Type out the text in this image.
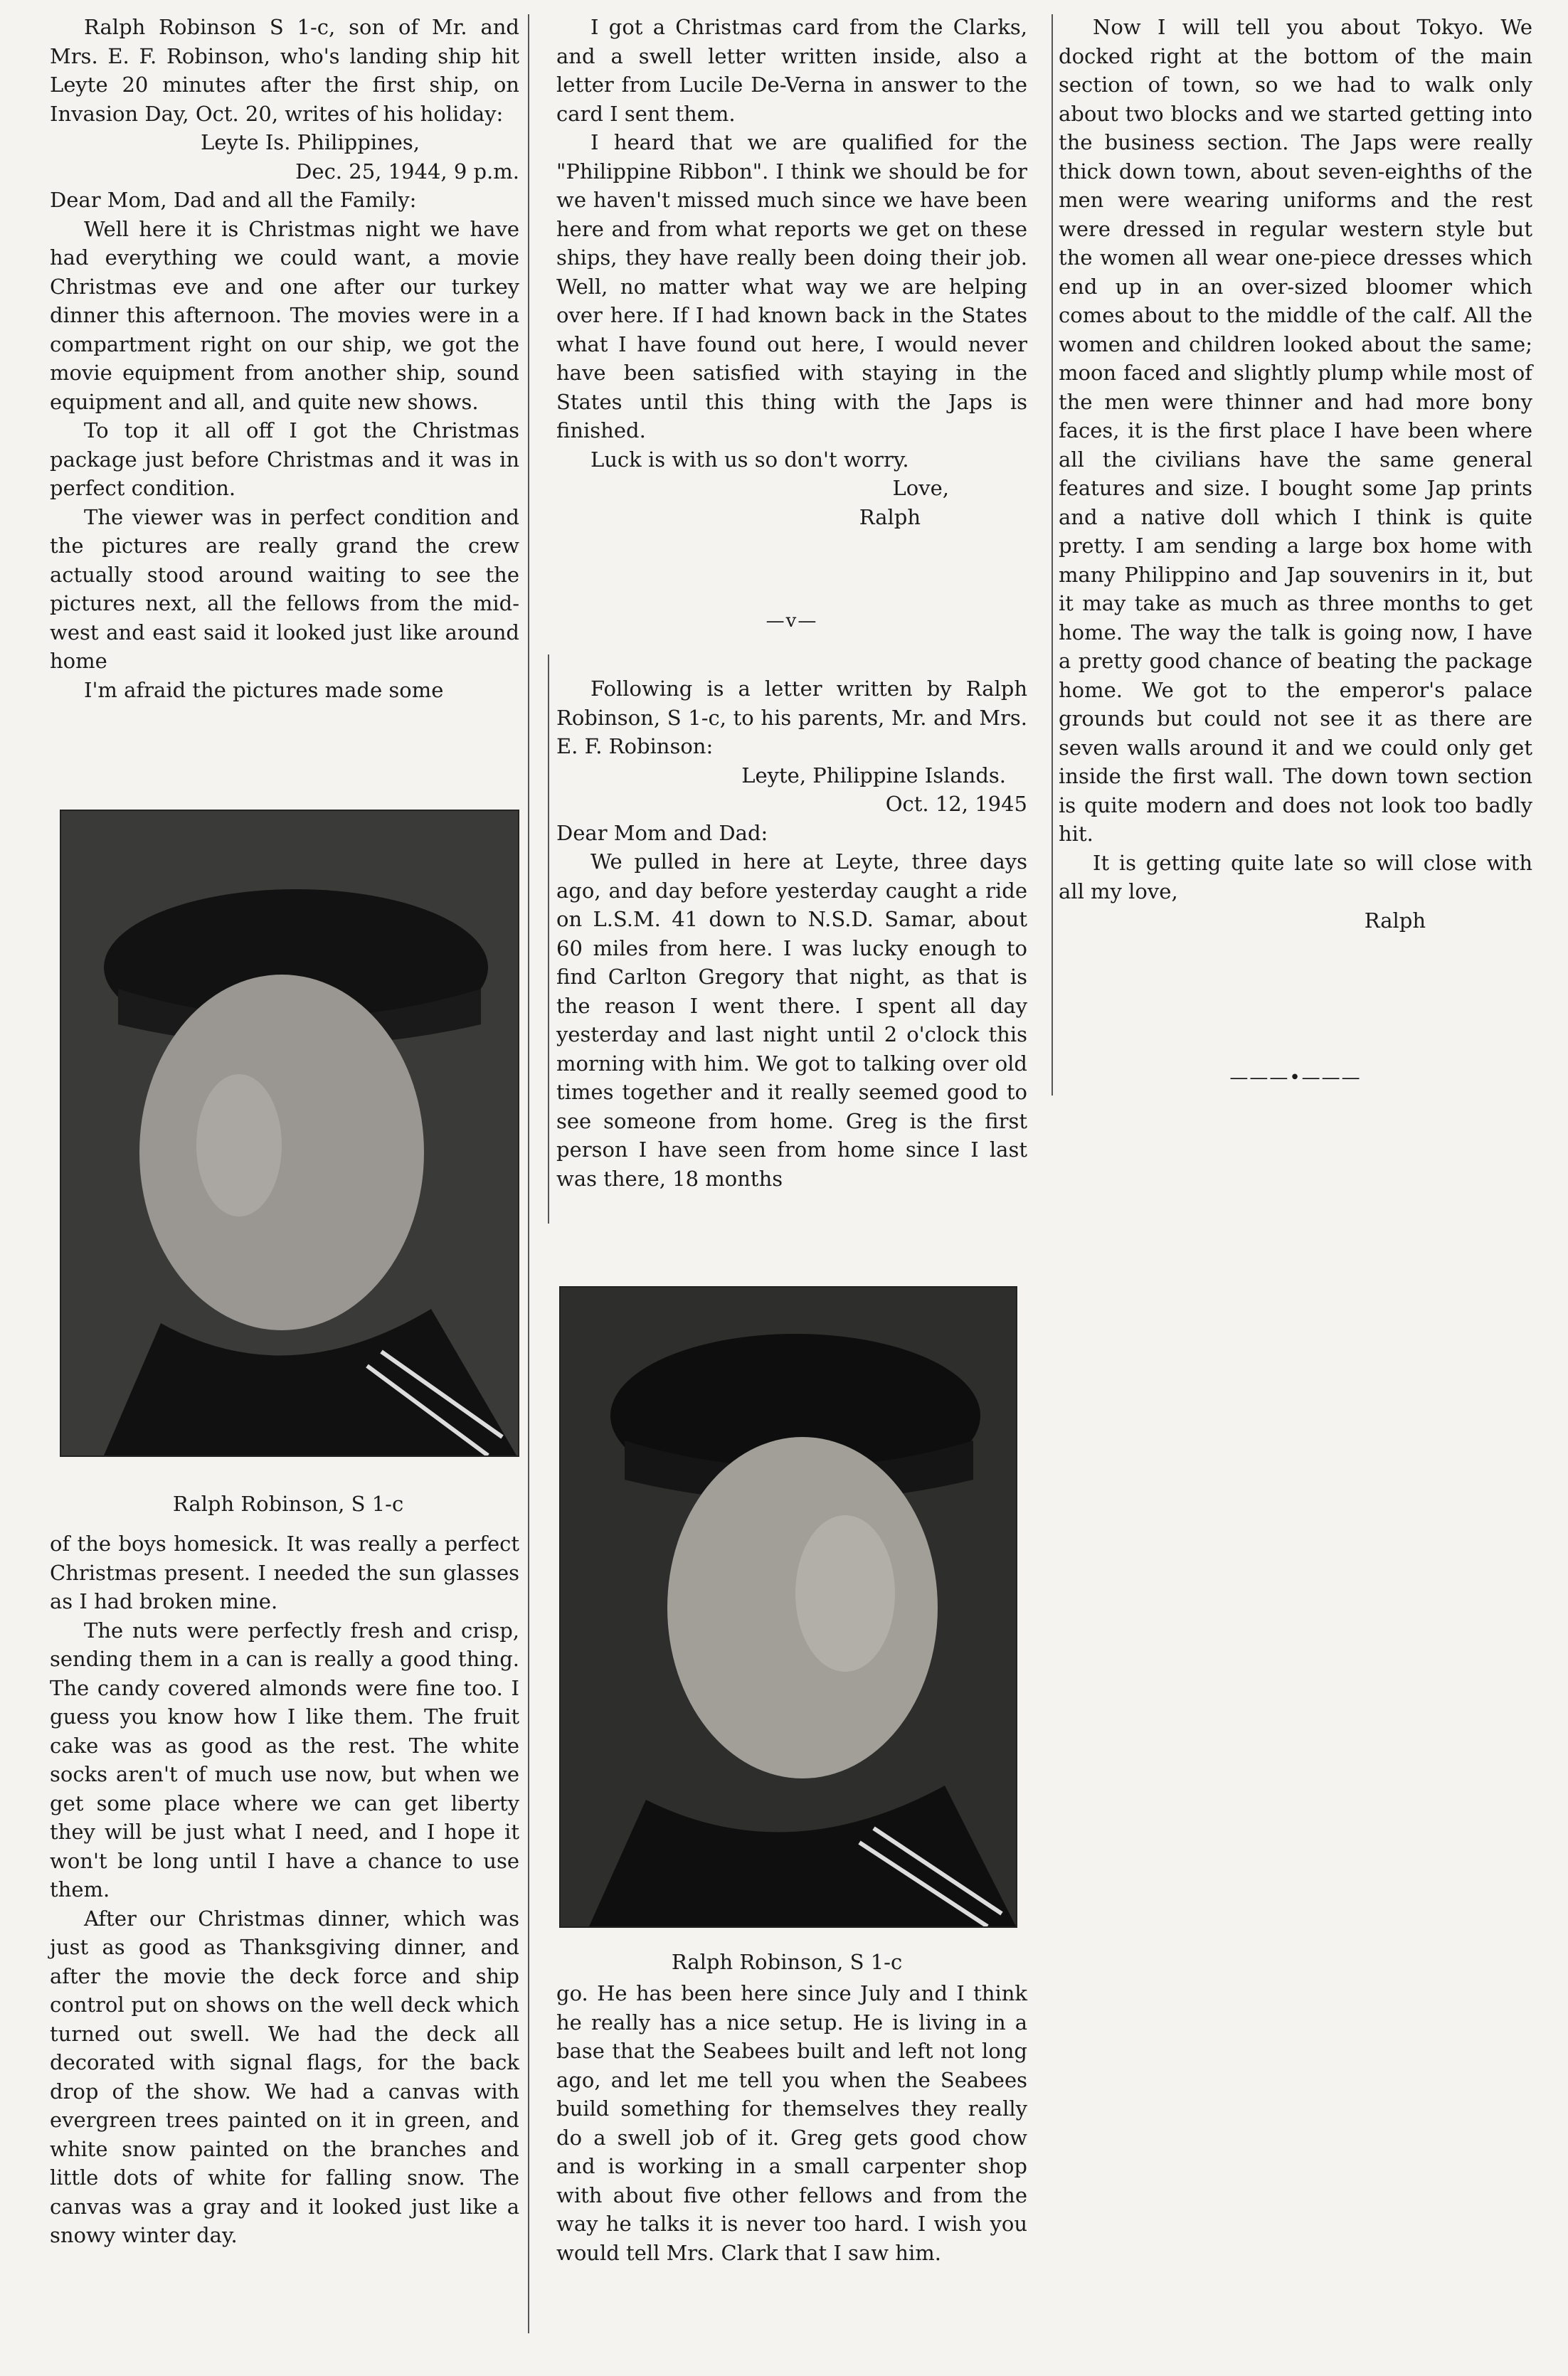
Ralph Robinson S 1-c, son of Mr. and Mrs. E. F. Robinson, who's landing ship hit Leyte 20 minutes after the first ship, on Invasion Day, Oct. 20, writes of his holiday:

Leyte Is. Philippines,

Dec. 25, 1944, 9 p.m.

Dear Mom, Dad and all the Family:

Well here it is Christmas night we have had everything we could want, a movie Christmas eve and one after our turkey dinner this afternoon. The movies were in a compartment right on our ship, we got the movie equipment from another ship, sound equipment and all, and quite new shows.

To top it all off I got the Christmas package just before Christmas and it was in perfect condition.

The viewer was in perfect condition and the pictures are really grand the crew actually stood around waiting to see the pictures next, all the fellows from the mid-west and east said it looked just like around home

I'm afraid the pictures made some

Ralph Robinson, S 1-c

of the boys homesick. It was really a perfect Christmas present. I needed the sun glasses as I had broken mine.

The nuts were perfectly fresh and crisp, sending them in a can is really a good thing. The candy covered almonds were fine too. I guess you know how I like them. The fruit cake was as good as the rest. The white socks aren't of much use now, but when we get some place where we can get liberty they will be just what I need, and I hope it won't be long until I have a chance to use them.

After our Christmas dinner, which was just as good as Thanksgiving dinner, and after the movie the deck force and ship control put on shows on the well deck which turned out swell. We had the deck all decorated with signal flags, for the back drop of the show. We had a canvas with evergreen trees painted on it in green, and white snow painted on the branches and little dots of white for falling snow. The canvas was a gray and it looked just like a snowy winter day.

I got a Christmas card from the Clarks, and a swell letter written inside, also a letter from Lucile De-Verna in answer to the card I sent them.

I heard that we are qualified for the "Philippine Ribbon". I think we should be for we haven't missed much since we have been here and from what reports we get on these ships, they have really been doing their job. Well, no matter what way we are helping over here. If I had known back in the States what I have found out here, I would never have been satisfied with staying in the States until this thing with the Japs is finished.

Luck is with us so don't worry.

Love,

Ralph

—v—

Following is a letter written by Ralph Robinson, S 1-c, to his parents, Mr. and Mrs. E. F. Robinson:

Leyte, Philippine Islands.

Oct. 12, 1945

Dear Mom and Dad:

We pulled in here at Leyte, three days ago, and day before yesterday caught a ride on L.S.M. 41 down to N.S.D. Samar, about 60 miles from here. I was lucky enough to find Carlton Gregory that night, as that is the reason I went there. I spent all day yesterday and last night until 2 o'clock this morning with him. We got to talking over old times together and it really seemed good to see someone from home. Greg is the first person I have seen from home since I last was there, 18 months

Ralph Robinson, S 1-c

go. He has been here since July and I think he really has a nice setup. He is living in a base that the Seabees built and left not long ago, and let me tell you when the Seabees build something for themselves they really do a swell job of it. Greg gets good chow and is working in a small carpenter shop with about five other fellows and from the way he talks it is never too hard. I wish you would tell Mrs. Clark that I saw him.

Now I will tell you about Tokyo. We docked right at the bottom of the main section of town, so we had to walk only about two blocks and we started getting into the business section. The Japs were really thick down town, about seven-eighths of the men were wearing uniforms and the rest were dressed in regular western style but the women all wear one-piece dresses which end up in an over-sized bloomer which comes about to the middle of the calf. All the women and children looked about the same; moon faced and slightly plump while most of the men were thinner and had more bony faces, it is the first place I have been where all the civilians have the same general features and size. I bought some Jap prints and a native doll which I think is quite pretty. I am sending a large box home with many Philippino and Jap souvenirs in it, but it may take as much as three months to get home. The way the talk is going now, I have a pretty good chance of beating the package home. We got to the emperor's palace grounds but could not see it as there are seven walls around it and we could only get inside the first wall. The down town section is quite modern and does not look too badly hit.

It is getting quite late so will close with all my love,

Ralph

———•———
